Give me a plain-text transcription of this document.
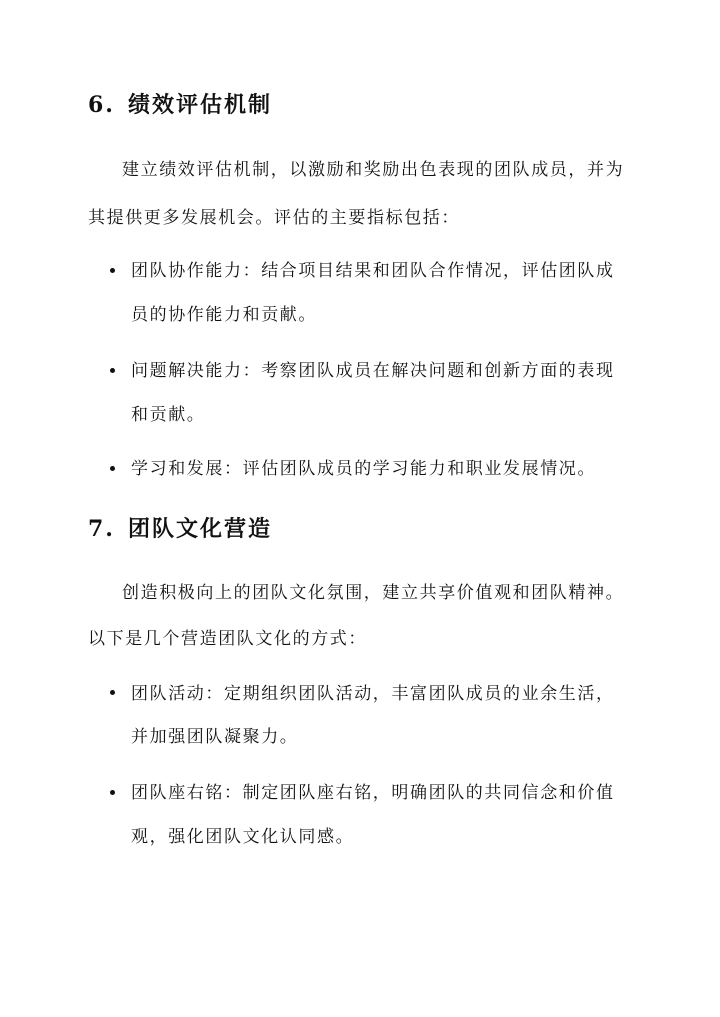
6. 绩效评估机制

建立绩效评估机制，以激励和奖励出色表现的团队成员，并为

其提供更多发展机会。评估的主要指标包括：

团队协作能力：结合项目结果和团队合作情况，评估团队成
员的协作能力和贡献。
问题解决能力：考察团队成员在解决问题和创新方面的表现
和贡献。
学习和发展：评估团队成员的学习能力和职业发展情况。
7. 团队文化营造

创造积极向上的团队文化氛围，建立共享价值观和团队精神。

以下是几个营造团队文化的方式：

团队活动：定期组织团队活动，丰富团队成员的业余生活，
并加强团队凝聚力。
团队座右铭：制定团队座右铭，明确团队的共同信念和价值
观，强化团队文化认同感。
